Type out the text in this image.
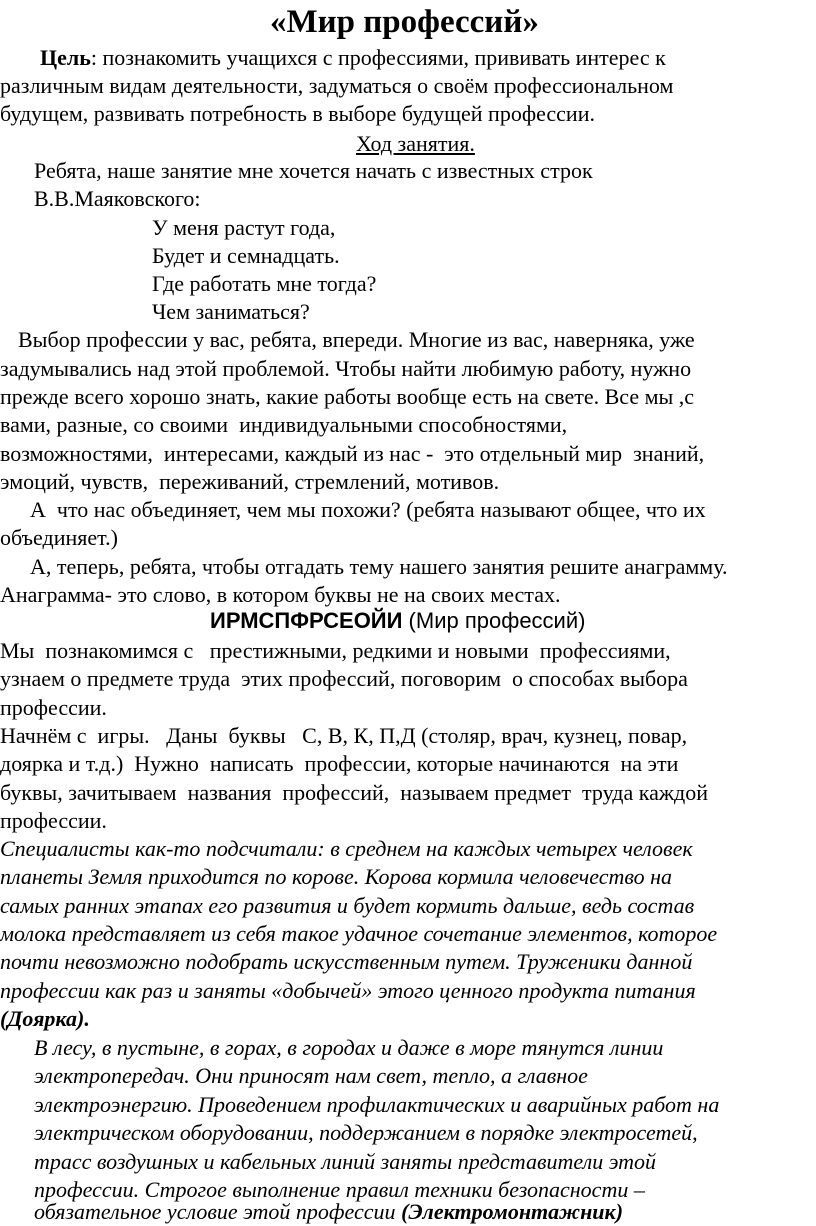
«Мир профессий»
Цель: познакомить учащихся с профессиями, прививать интерес к
различным видам деятельности, задуматься о своём профессиональном
будущем, развивать потребность в выборе будущей профессии.
Ход занятия.
Ребята, наше занятие мне хочется начать с известных строк
В.В.Маяковского:
У меня растут года,
Будет и семнадцать.
Где работать мне тогда?
Чем заниматься?
Выбор профессии у вас, ребята, впереди. Многие из вас, наверняка, уже
задумывались над этой проблемой. Чтобы найти любимую работу, нужно
прежде всего хорошо знать, какие работы вообще есть на свете. Все мы ,с
вами, разные, со своими  индивидуальными способностями,
возможностями,  интересами, каждый из нас -  это отдельный мир  знаний,
эмоций, чувств,  переживаний, стремлений, мотивов.
А  что нас объединяет, чем мы похожи? (ребята называют общее, что их
объединяет.)
А, теперь, ребята, чтобы отгадать тему нашего занятия решите анаграмму.
Анаграмма- это слово, в котором буквы не на своих местах.
ИРМСПФРСЕОЙИ (Мир профессий)
Мы  познакомимся с   престижными, редкими и новыми  профессиями,
узнаем о предмете труда  этих профессий, поговорим  о способах выбора
профессии.
Начнём с  игры.   Даны  буквы   С, В, К, П,Д (столяр, врач, кузнец, повар,
доярка и т.д.)  Нужно  написать  профессии, которые начинаются  на эти
буквы, зачитываем  названия  профессий,  называем предмет  труда каждой
профессии.
Специалисты как-то подсчитали: в среднем на каждых четырех человек
планеты Земля приходится по корове. Корова кормила человечество на
самых ранних этапах его развития и будет кормить дальше, ведь состав
молока представляет из себя такое удачное сочетание элементов, которое
почти невозможно подобрать искусственным путем. Труженики данной
профессии как раз и заняты «добычей» этого ценного продукта питания
(Доярка).
В лесу, в пустыне, в горах, в городах и даже в море тянутся линии
электропередач. Они приносят нам свет, тепло, а главное
электроэнергию. Проведением профилактических и аварийных работ на
электрическом оборудовании, поддержанием в порядке электросетей,
трасс воздушных и кабельных линий заняты представители этой
профессии. Строгое выполнение правил техники безопасности –
обязательное условие этой профессии (Электромонтажник)
